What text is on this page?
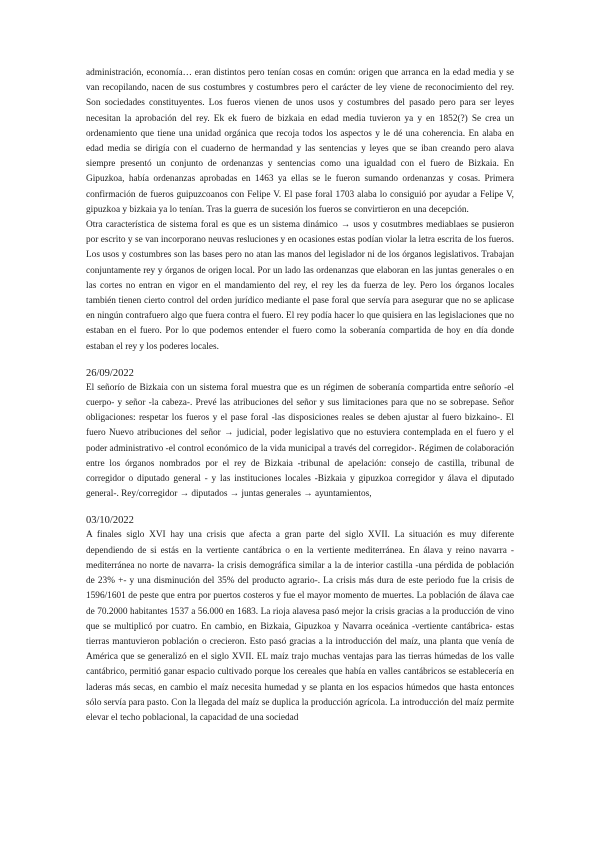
administración, economía… eran distintos pero tenían cosas en común: origen que arranca en la edad media y se van recopilando, nacen de sus costumbres y costumbres pero el carácter de ley viene de reconocimiento del rey. Son sociedades constituyentes. Los fueros vienen de unos usos y costumbres del pasado pero para ser leyes necesitan la aprobación del rey. Ek ek fuero de bizkaia en edad media tuvieron ya y en 1852(?) Se crea un ordenamiento que tiene una unidad orgánica que recoja todos los aspectos y le dé una coherencia. En alaba en edad media se dirigía con el cuaderno de hermandad y las sentencias y leyes que se iban creando pero alava siempre presentó un conjunto de ordenanzas y sentencias como una igualdad con el fuero de Bizkaia. En Gipuzkoa, había ordenanzas aprobadas en 1463 ya ellas se le fueron sumando ordenanzas y cosas. Primera confirmación de fueros guipuzcoanos con Felipe V. El pase foral 1703 alaba lo consiguió por ayudar a Felipe V, gipuzkoa y bizkaia ya lo tenían. Tras la guerra de sucesión los fueros se convirtieron en una decepción.

Otra característica de sistema foral es que es un sistema dinámico → usos y cosutmbres mediablaes se pusieron por escrito y se van incorporano neuvas resluciones y en ocasiones estas podían violar la letra escrita de los fueros. Los usos y costumbres son las bases pero no atan las manos del legislador ni de los órganos legislativos. Trabajan conjuntamente rey y órganos de origen local. Por un lado las ordenanzas que elaboran en las juntas generales o en las cortes no entran en vigor en el mandamiento del rey, el rey les da fuerza de ley. Pero los órganos locales también tienen cierto control del orden jurídico mediante el pase foral que servía para asegurar que no se aplicase en ningún contrafuero algo que fuera contra el fuero. El rey podía hacer lo que quisiera en las legislaciones que no estaban en el fuero. Por lo que podemos entender el fuero como la soberanía compartida de hoy en día donde estaban el rey y los poderes locales.

26/09/2022

El señorío de Bizkaia con un sistema foral muestra que es un régimen de soberanía compartida entre señorío -el cuerpo- y señor -la cabeza-. Prevé las atribuciones del señor y sus limitaciones para que no se sobrepase. Señor obligaciones: respetar los fueros y el pase foral -las disposiciones reales se deben ajustar al fuero bizkaino-. El fuero Nuevo atribuciones del señor → judicial, poder legislativo que no estuviera contemplada en el fuero y el poder administrativo -el control económico de la vida municipal a través del corregidor-. Régimen de colaboración entre los órganos nombrados por el rey de Bizkaia -tribunal de apelación: consejo de castilla, tribunal de corregidor o diputado general - y las instituciones locales -Bizkaia y gipuzkoa corregidor y álava el diputado general-. Rey/corregidor → diputados → juntas generales → ayuntamientos,

03/10/2022

A finales siglo XVI hay una crisis que afecta a gran parte del siglo XVII. La situación es muy diferente dependiendo de si estás en la vertiente cantábrica o en la vertiente mediterránea. En álava y reino navarra -mediterránea no norte de navarra- la crisis demográfica similar a la de interior castilla -una pérdida de población de 23% +- y una disminución del 35% del producto agrario-. La crisis más dura de este periodo fue la crisis de 1596/1601 de peste que entra por puertos costeros y fue el mayor momento de muertes. La población de álava cae de 70.2000 habitantes 1537 a 56.000 en 1683. La rioja alavesa pasó mejor la crisis gracias a la producción de vino que se multiplicó por cuatro. En cambio, en Bizkaia, Gipuzkoa y Navarra oceánica -vertiente cantábrica- estas tierras mantuvieron población o crecieron. Esto pasó gracias a la introducción del maíz, una planta que venía de América que se generalizó en el siglo XVII. EL maíz trajo muchas ventajas para las tierras húmedas de los valle cantábrico, permitió ganar espacio cultivado porque los cereales que había en valles cantábricos se establecería en laderas más secas, en cambio el maíz necesita humedad y se planta en los espacios húmedos que hasta entonces sólo servía para pasto. Con la llegada del maíz se duplica la producción agrícola. La introducción del maíz permite elevar el techo poblacional, la capacidad de una sociedad
